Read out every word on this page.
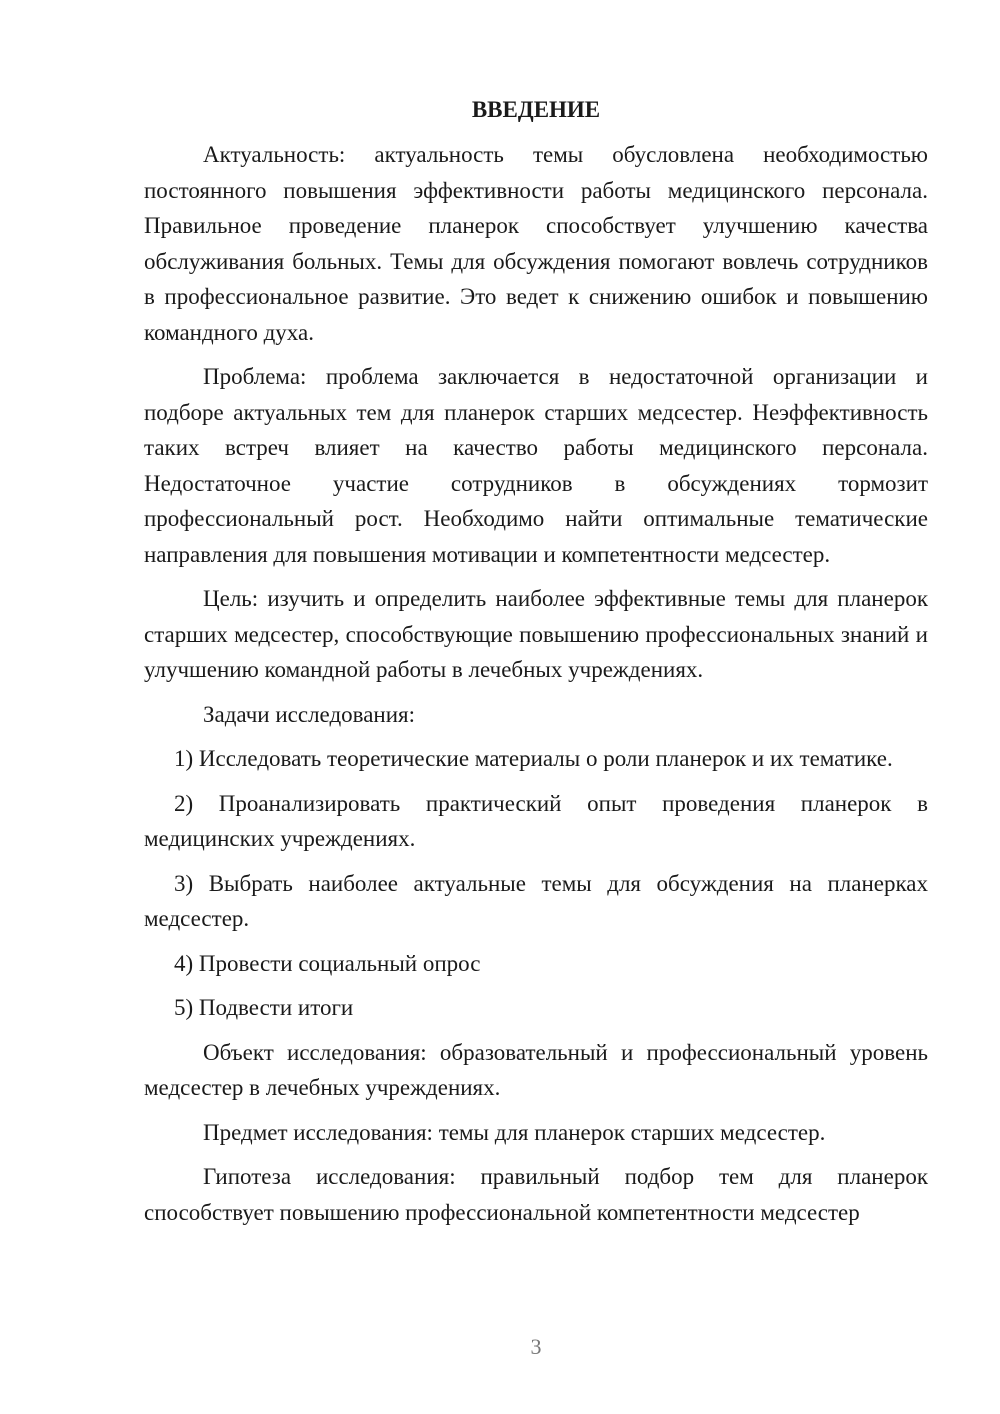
ВВЕДЕНИЕ

Актуальность: актуальность темы обусловлена необходимостью постоянного повышения эффективности работы медицинского персонала. Правильное проведение планерок способствует улучшению качества обслуживания больных. Темы для обсуждения помогают вовлечь сотрудников в профессиональное развитие. Это ведет к снижению ошибок и повышению командного духа.

Проблема: проблема заключается в недостаточной организации и подборе актуальных тем для планерок старших медсестер. Неэффективность таких встреч влияет на качество работы медицинского персонала. Недостаточное участие сотрудников в обсуждениях тормозит профессиональный рост. Необходимо найти оптимальные тематические направления для повышения мотивации и компетентности медсестер.

Цель: изучить и определить наиболее эффективные темы для планерок старших медсестер, способствующие повышению профессиональных знаний и улучшению командной работы в лечебных учреждениях.

Задачи исследования:

1) Исследовать теоретические материалы о роли планерок и их тематике.

2) Проанализировать практический опыт проведения планерок в медицинских учреждениях.

3) Выбрать наиболее актуальные темы для обсуждения на планерках медсестер.

4) Провести социальный опрос

5) Подвести итоги

Объект исследования: образовательный и профессиональный уровень медсестер в лечебных учреждениях.

Предмет исследования: темы для планерок старших медсестер.

Гипотеза исследования: правильный подбор тем для планерок способствует повышению профессиональной компетентности медсестер

3
